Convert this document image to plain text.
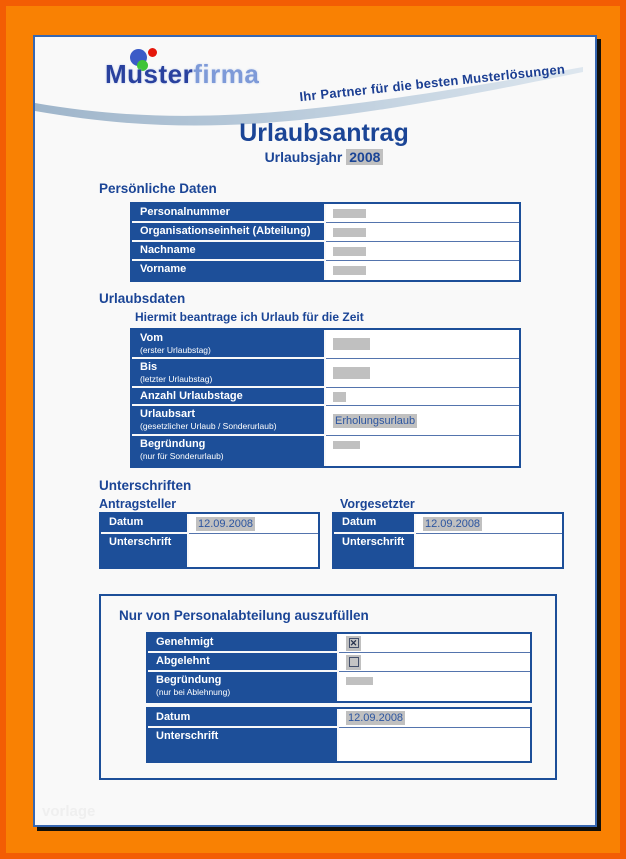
Musterfirma	Ihr Partner für die besten Musterlösungen
Urlaubsantrag
Urlaubsjahr 2008
Persönliche Daten
Personalnummer
Organisationseinheit (Abteilung)
Nachname
Vorname
Urlaubsdaten
Hiermit beantrage ich Urlaub für die Zeit
Vom
(erster Urlaubstag)
Bis
(letzter Urlaubstag)
Anzahl Urlaubstage
Urlaubsart
(gesetzlicher Urlaub / Sonderurlaub)	Erholungsurlaub
Begründung
(nur für Sonderurlaub)
Unterschriften
Antragsteller	Vorgesetzter
Datum	12.09.2008
Unterschrift
Datum	12.09.2008
Unterschrift
Nur von Personalabteilung auszufüllen
Genehmigt	✕
Abgelehnt
Begründung
(nur bei Ablehnung)
Datum	12.09.2008
Unterschrift
vorlage
